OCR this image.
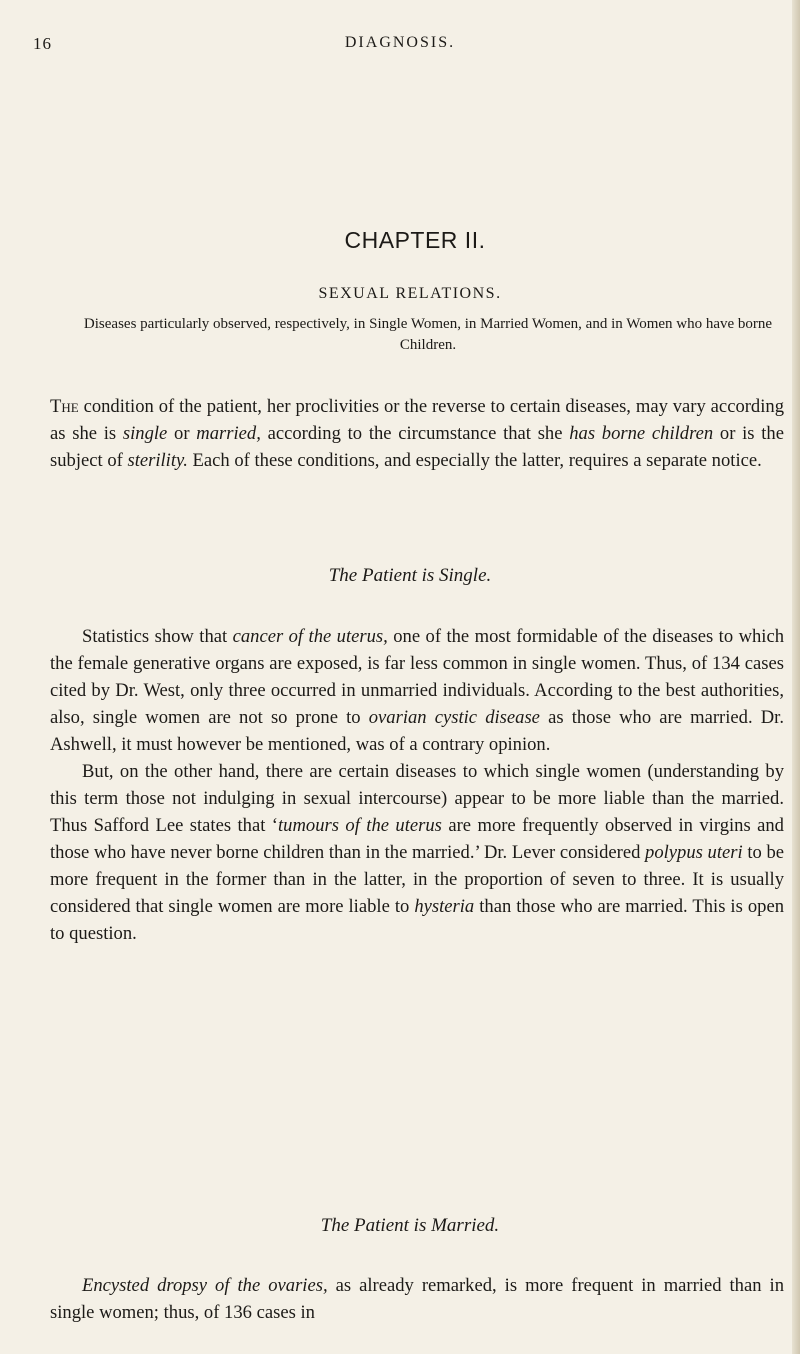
16	DIAGNOSIS.
CHAPTER II.
SEXUAL RELATIONS.
Diseases particularly observed, respectively, in Single Women, in Married Women, and in Women who have borne Children.

The condition of the patient, her proclivities or the reverse to certain diseases, may vary according as she is single or married, according to the circumstance that she has borne children or is the subject of sterility. Each of these conditions, and especially the latter, requires a separate notice.

The Patient is Single.

Statistics show that cancer of the uterus, one of the most formidable of the diseases to which the female generative organs are exposed, is far less common in single women. Thus, of 134 cases cited by Dr. West, only three occurred in unmarried individuals. According to the best authorities, also, single women are not so prone to ovarian cystic disease as those who are married. Dr. Ashwell, it must however be mentioned, was of a contrary opinion.

But, on the other hand, there are certain diseases to which single women (understanding by this term those not indulging in sexual intercourse) appear to be more liable than the married. Thus Safford Lee states that ‘tumours of the uterus are more frequently observed in virgins and those who have never borne children than in the married.’ Dr. Lever considered polypus uteri to be more frequent in the former than in the latter, in the proportion of seven to three. It is usually considered that single women are more liable to hysteria than those who are married. This is open to question.

The Patient is Married.

Encysted dropsy of the ovaries, as already remarked, is more frequent in married than in single women; thus, of 136 cases in
